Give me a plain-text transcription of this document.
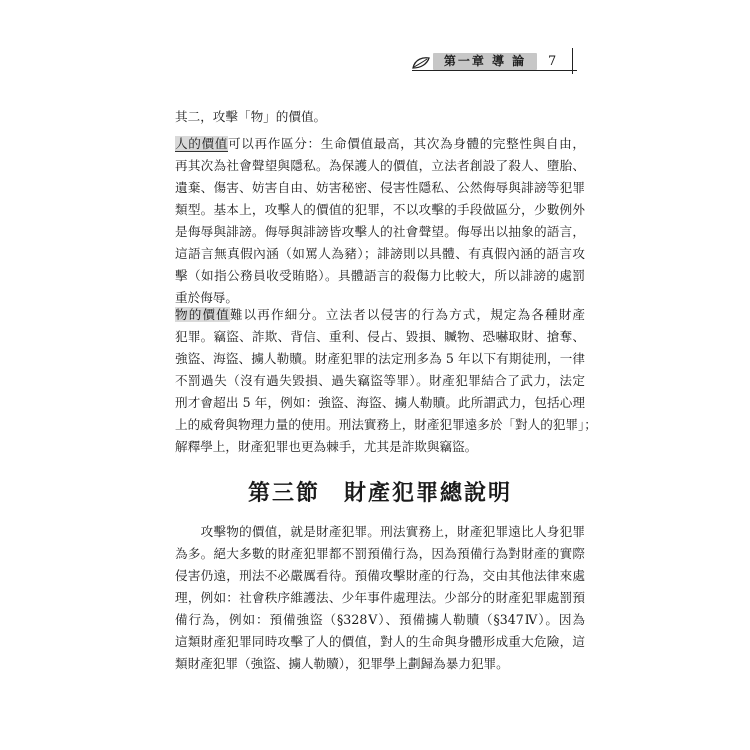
第一章 導 論	7
其二，攻擊「物」的價值。
人的價值可以再作區分：生命價值最高，其次為身體的完整性與自由，
再其次為社會聲望與隱私。為保護人的價值，立法者創設了殺人、墮胎、
遺棄、傷害、妨害自由、妨害秘密、侵害性隱私、公然侮辱與誹謗等犯罪
類型。基本上，攻擊人的價值的犯罪，不以攻擊的手段做區分，少數例外
是侮辱與誹謗。侮辱與誹謗皆攻擊人的社會聲望。侮辱出以抽象的語言，
這語言無真假內涵（如罵人為豬）；誹謗則以具體、有真假內涵的語言攻
擊（如指公務員收受賄賂）。具體語言的殺傷力比較大，所以誹謗的處罰
重於侮辱。
物的價值難以再作細分。立法者以侵害的行為方式，規定為各種財產
犯罪。竊盜、詐欺、背信、重利、侵占、毀損、贓物、恐嚇取財、搶奪、
強盜、海盜、擄人勒贖。財產犯罪的法定刑多為 5 年以下有期徒刑，一律
不罰過失（沒有過失毀損、過失竊盜等罪）。財產犯罪結合了武力，法定
刑才會超出 5 年，例如：強盜、海盜、擄人勒贖。此所謂武力，包括心理
上的威脅與物理力量的使用。刑法實務上，財產犯罪遠多於「對人的犯罪」；
解釋學上，財產犯罪也更為棘手，尤其是詐欺與竊盜。
第三節　財產犯罪總說明
　　攻擊物的價值，就是財產犯罪。刑法實務上，財產犯罪遠比人身犯罪
為多。絕大多數的財產犯罪都不罰預備行為，因為預備行為對財產的實際
侵害仍遠，刑法不必嚴厲看待。預備攻擊財產的行為，交由其他法律來處
理，例如：社會秩序維護法、少年事件處理法。少部分的財產犯罪處罰預
備行為，例如：預備強盜（§328Ⅴ）、預備擄人勒贖（§347Ⅳ）。因為
這類財產犯罪同時攻擊了人的價值，對人的生命與身體形成重大危險，這
類財產犯罪（強盜、擄人勒贖），犯罪學上劃歸為暴力犯罪。
